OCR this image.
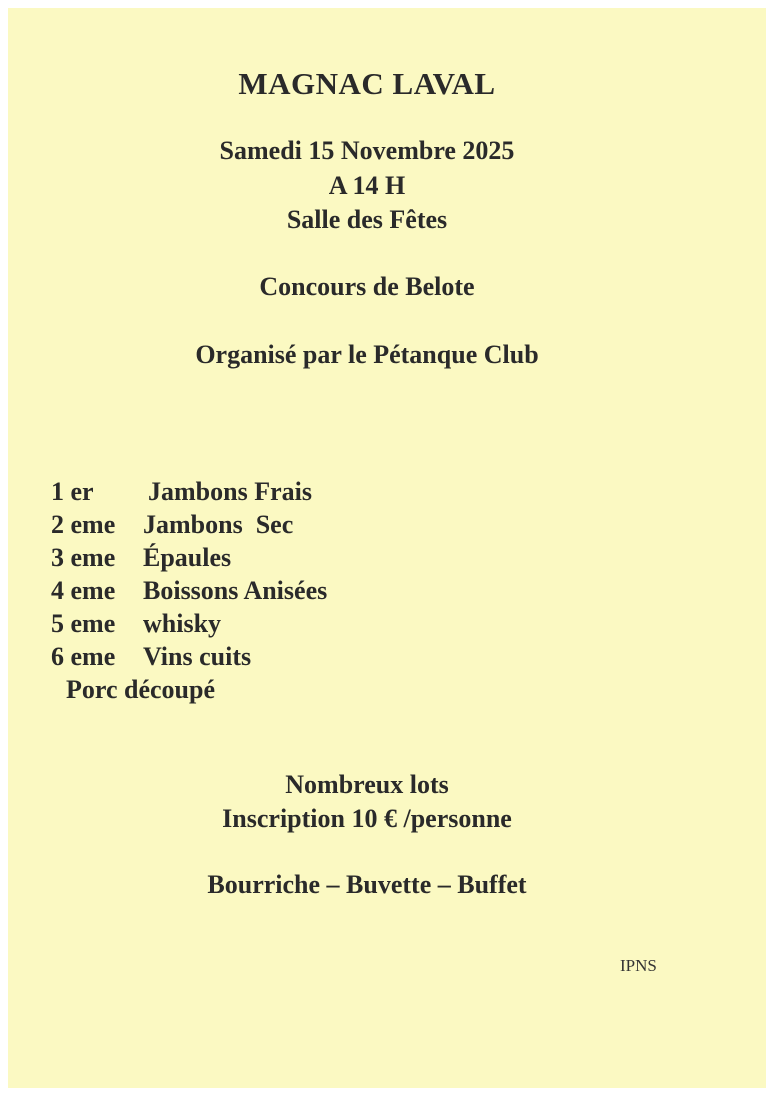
MAGNAC LAVAL
Samedi 15 Novembre 2025
A 14 H
Salle des Fêtes
Concours de Belote
Organisé par le Pétanque Club
1 er Jambons Frais
2 eme Jambons  Sec
3 eme Épaules
4 eme Boissons Anisées
5 eme whisky
6 eme Vins cuits
Porc découpé
Nombreux lots
Inscription 10 € /personne
Bourriche – Buvette – Buffet
IPNS
